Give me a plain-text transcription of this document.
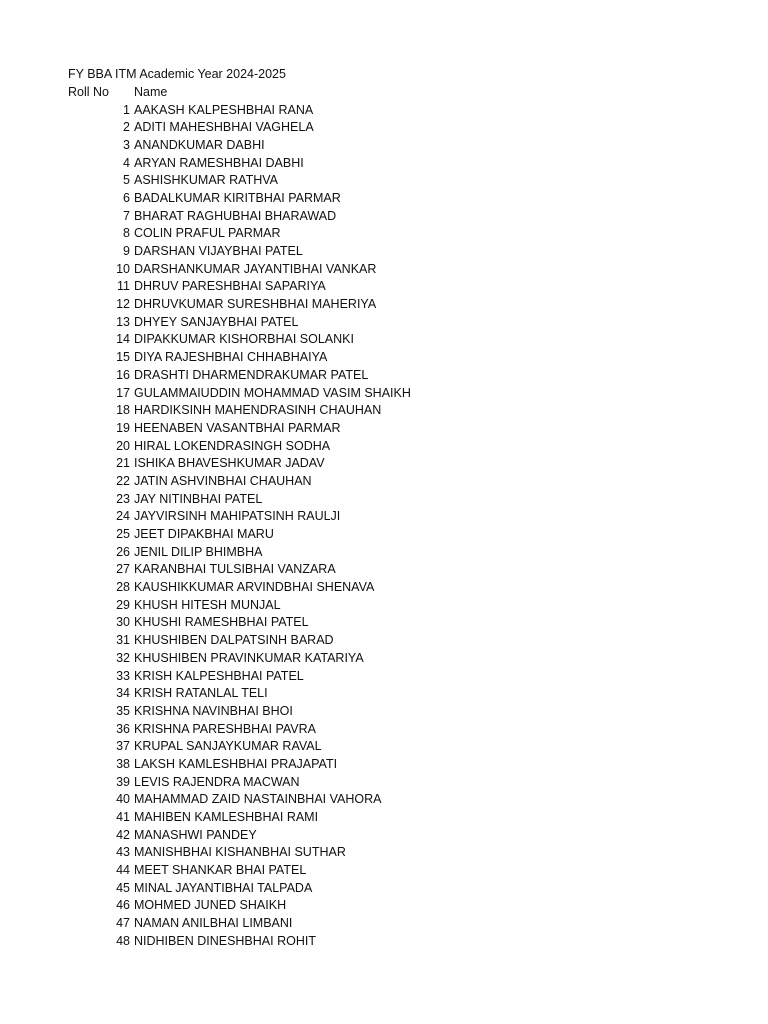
FY BBA ITM Academic Year 2024-2025
Roll No Name
1 AAKASH KALPESHBHAI RANA
2 ADITI MAHESHBHAI VAGHELA
3 ANANDKUMAR DABHI
4 ARYAN RAMESHBHAI DABHI
5 ASHISHKUMAR RATHVA
6 BADALKUMAR KIRITBHAI PARMAR
7 BHARAT RAGHUBHAI BHARAWAD
8 COLIN PRAFUL PARMAR
9 DARSHAN VIJAYBHAI PATEL
10 DARSHANKUMAR JAYANTIBHAI VANKAR
11 DHRUV PARESHBHAI SAPARIYA
12 DHRUVKUMAR SURESHBHAI MAHERIYA
13 DHYEY SANJAYBHAI PATEL
14 DIPAKKUMAR KISHORBHAI SOLANKI
15 DIYA RAJESHBHAI CHHABHAIYA
16 DRASHTI DHARMENDRAKUMAR PATEL
17 GULAMMAIUDDIN MOHAMMAD VASIM SHAIKH
18 HARDIKSINH MAHENDRASINH CHAUHAN
19 HEENABEN VASANTBHAI PARMAR
20 HIRAL LOKENDRASINGH SODHA
21 ISHIKA BHAVESHKUMAR JADAV
22 JATIN ASHVINBHAI CHAUHAN
23 JAY NITINBHAI PATEL
24 JAYVIRSINH MAHIPATSINH RAULJI
25 JEET DIPAKBHAI MARU
26 JENIL DILIP BHIMBHA
27 KARANBHAI TULSIBHAI VANZARA
28 KAUSHIKKUMAR ARVINDBHAI SHENAVA
29 KHUSH HITESH MUNJAL
30 KHUSHI RAMESHBHAI PATEL
31 KHUSHIBEN DALPATSINH BARAD
32 KHUSHIBEN PRAVINKUMAR KATARIYA
33 KRISH KALPESHBHAI PATEL
34 KRISH RATANLAL TELI
35 KRISHNA NAVINBHAI BHOI
36 KRISHNA PARESHBHAI PAVRA
37 KRUPAL SANJAYKUMAR RAVAL
38 LAKSH KAMLESHBHAI PRAJAPATI
39 LEVIS RAJENDRA MACWAN
40 MAHAMMAD ZAID NASTAINBHAI VAHORA
41 MAHIBEN KAMLESHBHAI RAMI
42 MANASHWI PANDEY
43 MANISHBHAI KISHANBHAI SUTHAR
44 MEET SHANKAR BHAI PATEL
45 MINAL JAYANTIBHAI TALPADA
46 MOHMED JUNED SHAIKH
47 NAMAN ANILBHAI LIMBANI
48 NIDHIBEN DINESHBHAI ROHIT
